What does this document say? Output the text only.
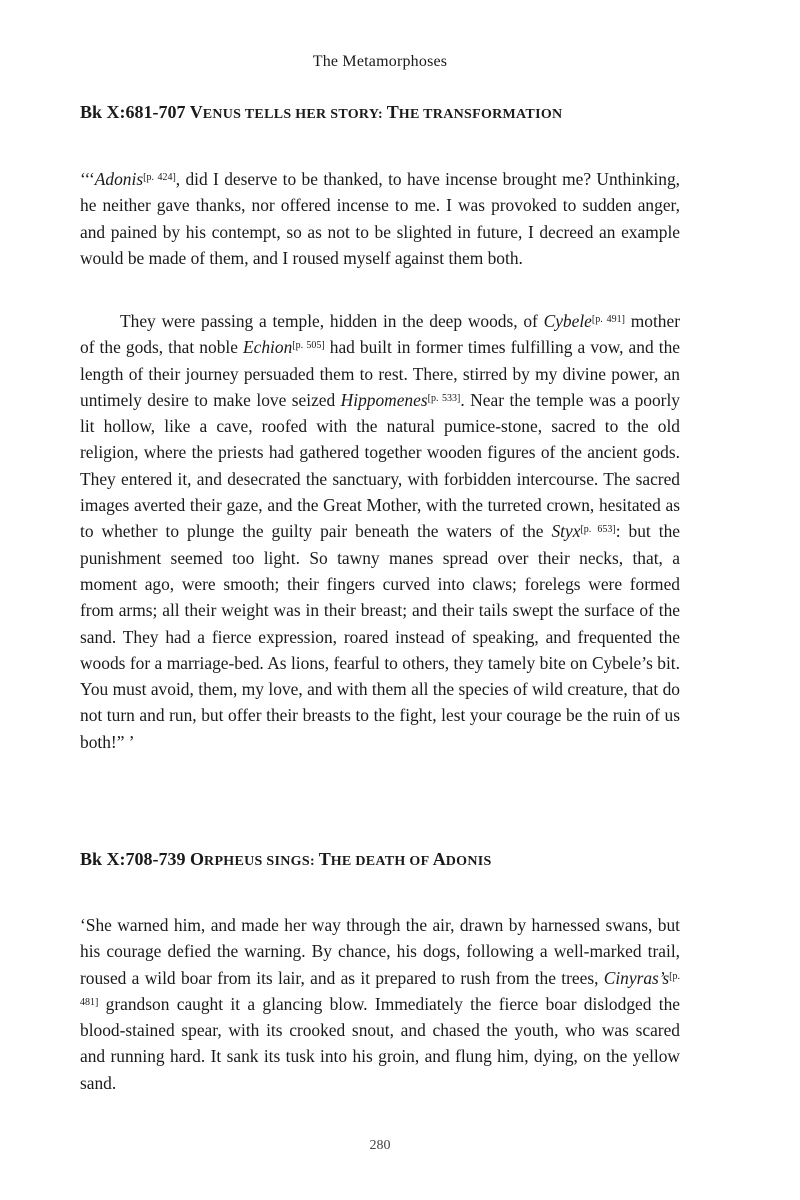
The Metamorphoses
Bk X:681-707 VENUS TELLS HER STORY: THE TRANSFORMATION

‘‘‘Adonis[p. 424], did I deserve to be thanked, to have incense brought me? Unthinking, he neither gave thanks, nor offered incense to me. I was provoked to sudden anger, and pained by his contempt, so as not to be slighted in future, I decreed an example would be made of them, and I roused myself against them both.

They were passing a temple, hidden in the deep woods, of Cybele[p. 491] mother of the gods, that noble Echion[p. 505] had built in former times fulfilling a vow, and the length of their journey persuaded them to rest. There, stirred by my divine power, an untimely desire to make love seized Hippomenes[p. 533]. Near the temple was a poorly lit hollow, like a cave, roofed with the natural pumice-stone, sacred to the old religion, where the priests had gathered together wooden figures of the ancient gods. They entered it, and desecrated the sanctuary, with forbidden intercourse. The sacred images averted their gaze, and the Great Mother, with the turreted crown, hesitated as to whether to plunge the guilty pair beneath the waters of the Styx[p. 653]: but the punishment seemed too light. So tawny manes spread over their necks, that, a moment ago, were smooth; their fingers curved into claws; forelegs were formed from arms; all their weight was in their breast; and their tails swept the surface of the sand. They had a fierce expression, roared instead of speaking, and frequented the woods for a marriage-bed. As lions, fearful to others, they tamely bite on Cybele’s bit. You must avoid, them, my love, and with them all the species of wild creature, that do not turn and run, but offer their breasts to the fight, lest your courage be the ruin of us both!” ’

Bk X:708-739 ORPHEUS SINGS: THE DEATH OF ADONIS

‘She warned him, and made her way through the air, drawn by harnessed swans, but his courage defied the warning. By chance, his dogs, following a well-marked trail, roused a wild boar from its lair, and as it prepared to rush from the trees, Cinyras’s[p. 481] grandson caught it a glancing blow. Immediately the fierce boar dislodged the blood-stained spear, with its crooked snout, and chased the youth, who was scared and running hard. It sank its tusk into his groin, and flung him, dying, on the yellow sand.

280
